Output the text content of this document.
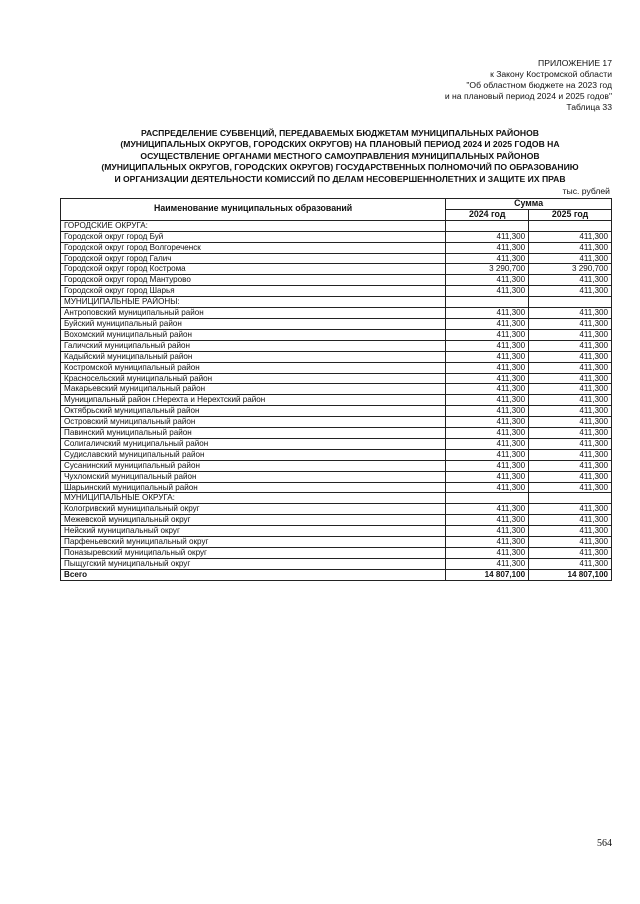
ПРИЛОЖЕНИЕ 17
к Закону Костромской области
"Об областном бюджете на 2023 год
и на плановый период 2024 и 2025 годов"
Таблица 33
РАСПРЕДЕЛЕНИЕ СУБВЕНЦИЙ, ПЕРЕДАВАЕМЫХ БЮДЖЕТАМ МУНИЦИПАЛЬНЫХ РАЙОНОВ
(МУНИЦИПАЛЬНЫХ ОКРУГОВ, ГОРОДСКИХ ОКРУГОВ) НА ПЛАНОВЫЙ ПЕРИОД 2024 И 2025 ГОДОВ НА
ОСУЩЕСТВЛЕНИЕ ОРГАНАМИ МЕСТНОГО САМОУПРАВЛЕНИЯ МУНИЦИПАЛЬНЫХ РАЙОНОВ
(МУНИЦИПАЛЬНЫХ ОКРУГОВ, ГОРОДСКИХ ОКРУГОВ) ГОСУДАРСТВЕННЫХ ПОЛНОМОЧИЙ ПО ОБРАЗОВАНИЮ
И ОРГАНИЗАЦИИ ДЕЯТЕЛЬНОСТИ КОМИССИЙ ПО ДЕЛАМ НЕСОВЕРШЕННОЛЕТНИХ И ЗАЩИТЕ ИХ ПРАВ
тыс. рублей
Наименование муниципальных образований	Сумма	
	2024 год	2025 год
ГОРОДСКИЕ ОКРУГА:		
Городской округ город Буй	411,300	411,300
Городской округ город Волгореченск	411,300	411,300
Городской округ город Галич	411,300	411,300
Городской округ город Кострома	3 290,700	3 290,700
Городской округ город Мантурово	411,300	411,300
Городской округ город Шарья	411,300	411,300
МУНИЦИПАЛЬНЫЕ РАЙОНЫ:		
Антроповский муниципальный район	411,300	411,300
Буйский муниципальный район	411,300	411,300
Вохомский муниципальный район	411,300	411,300
Галичский муниципальный район	411,300	411,300
Кадыйский муниципальный район	411,300	411,300
Костромской муниципальный район	411,300	411,300
Красносельский муниципальный район	411,300	411,300
Макарьевский муниципальный район	411,300	411,300
Муниципальный район г.Нерехта и Нерехтский район	411,300	411,300
Октябрьский муниципальный район	411,300	411,300
Островский муниципальный район	411,300	411,300
Павинский муниципальный район	411,300	411,300
Солигаличский муниципальный район	411,300	411,300
Судиславский муниципальный район	411,300	411,300
Сусанинский муниципальный район	411,300	411,300
Чухломский муниципальный район	411,300	411,300
Шарьинский муниципальный район	411,300	411,300
МУНИЦИПАЛЬНЫЕ ОКРУГА:		
Кологривский муниципальный округ	411,300	411,300
Межевской муниципальный округ	411,300	411,300
Нейский муниципальный округ	411,300	411,300
Парфеньевский муниципальный округ	411,300	411,300
Поназыревский муниципальный округ	411,300	411,300
Пыщугский муниципальный округ	411,300	411,300
Всего	14 807,100	14 807,100
564
